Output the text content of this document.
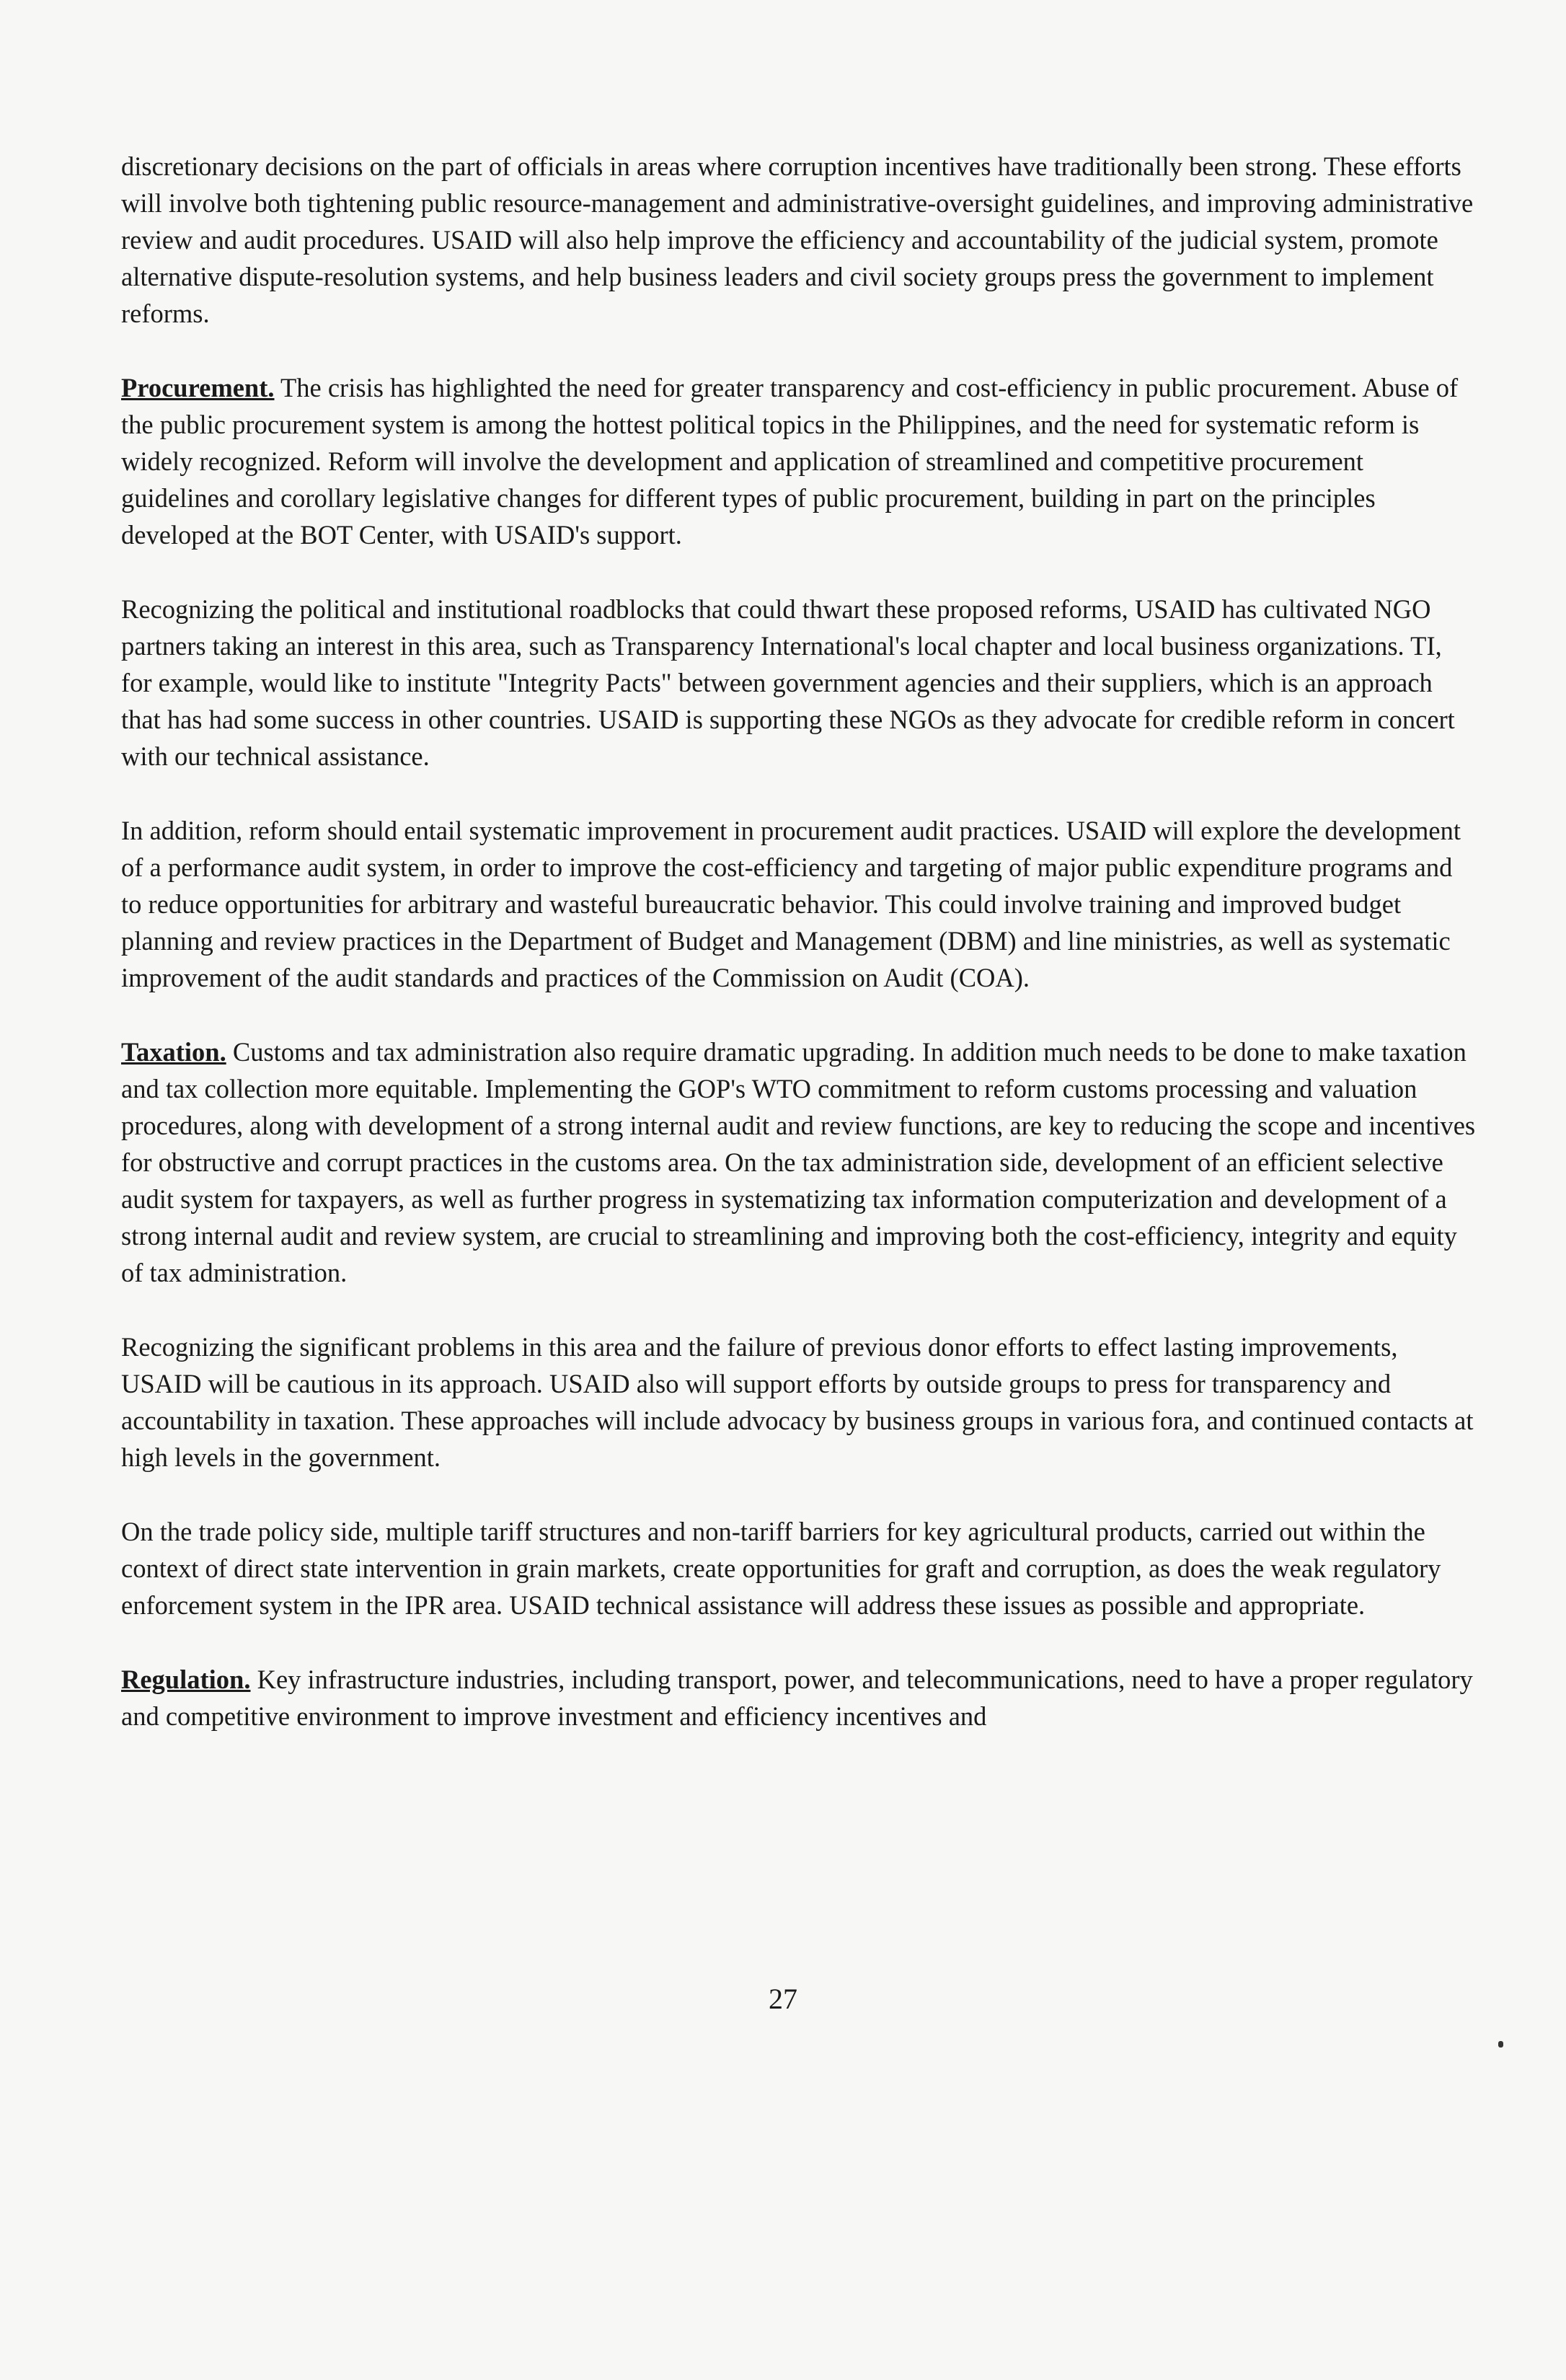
discretionary decisions on the part of officials in areas where corruption incentives have traditionally been strong. These efforts will involve both tightening public resource-management and administrative-oversight guidelines, and improving administrative review and audit procedures. USAID will also help improve the efficiency and accountability of the judicial system, promote alternative dispute-resolution systems, and help business leaders and civil society groups press the government to implement reforms.

Procurement. The crisis has highlighted the need for greater transparency and cost-efficiency in public procurement. Abuse of the public procurement system is among the hottest political topics in the Philippines, and the need for systematic reform is widely recognized. Reform will involve the development and application of streamlined and competitive procurement guidelines and corollary legislative changes for different types of public procurement, building in part on the principles developed at the BOT Center, with USAID's support.

Recognizing the political and institutional roadblocks that could thwart these proposed reforms, USAID has cultivated NGO partners taking an interest in this area, such as Transparency International's local chapter and local business organizations. TI, for example, would like to institute "Integrity Pacts" between government agencies and their suppliers, which is an approach that has had some success in other countries. USAID is supporting these NGOs as they advocate for credible reform in concert with our technical assistance.

In addition, reform should entail systematic improvement in procurement audit practices. USAID will explore the development of a performance audit system, in order to improve the cost-efficiency and targeting of major public expenditure programs and to reduce opportunities for arbitrary and wasteful bureaucratic behavior. This could involve training and improved budget planning and review practices in the Department of Budget and Management (DBM) and line ministries, as well as systematic improvement of the audit standards and practices of the Commission on Audit (COA).

Taxation. Customs and tax administration also require dramatic upgrading. In addition much needs to be done to make taxation and tax collection more equitable. Implementing the GOP's WTO commitment to reform customs processing and valuation procedures, along with development of a strong internal audit and review functions, are key to reducing the scope and incentives for obstructive and corrupt practices in the customs area. On the tax administration side, development of an efficient selective audit system for taxpayers, as well as further progress in systematizing tax information computerization and development of a strong internal audit and review system, are crucial to streamlining and improving both the cost-efficiency, integrity and equity of tax administration.

Recognizing the significant problems in this area and the failure of previous donor efforts to effect lasting improvements, USAID will be cautious in its approach. USAID also will support efforts by outside groups to press for transparency and accountability in taxation. These approaches will include advocacy by business groups in various fora, and continued contacts at high levels in the government.

On the trade policy side, multiple tariff structures and non-tariff barriers for key agricultural products, carried out within the context of direct state intervention in grain markets, create opportunities for graft and corruption, as does the weak regulatory enforcement system in the IPR area. USAID technical assistance will address these issues as possible and appropriate.

Regulation. Key infrastructure industries, including transport, power, and telecommunications, need to have a proper regulatory and competitive environment to improve investment and efficiency incentives and

27
